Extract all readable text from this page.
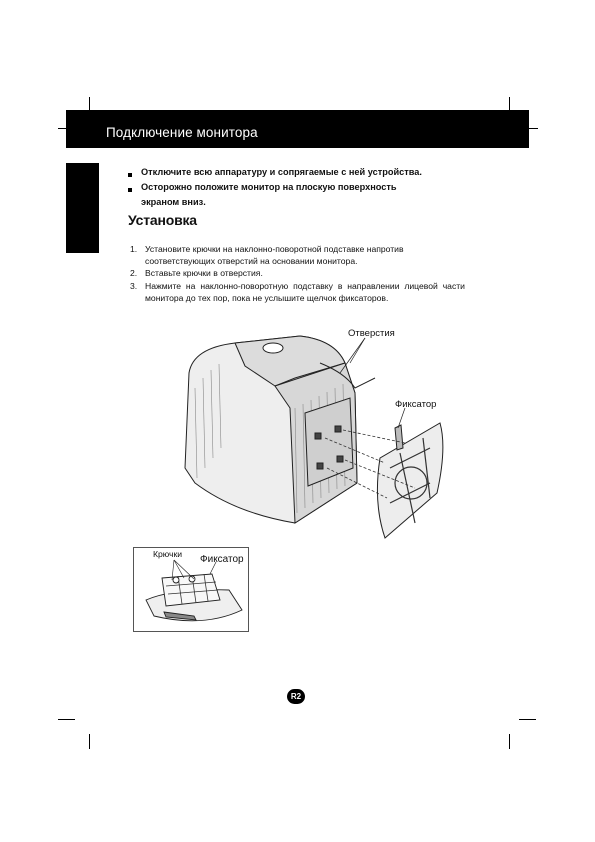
Подключение монитора
Отключите всю аппаратуру и сопрягаемые с ней устройства.
Осторожно положите монитор на плоскую поверхность
экраном вниз.
Установка
1. Установите крючки на наклонно-поворотной подставке напротив соответствующих отверстий на основании монитора.
2. Вставьте крючки в отверстия.
3. Нажмите на наклонно-поворотную подставку в направлении лицевой части монитора до тех пор, пока не услышите щелчок фиксаторов.
Отверстия
Фиксатор
Крючки Фиксатор
R2
